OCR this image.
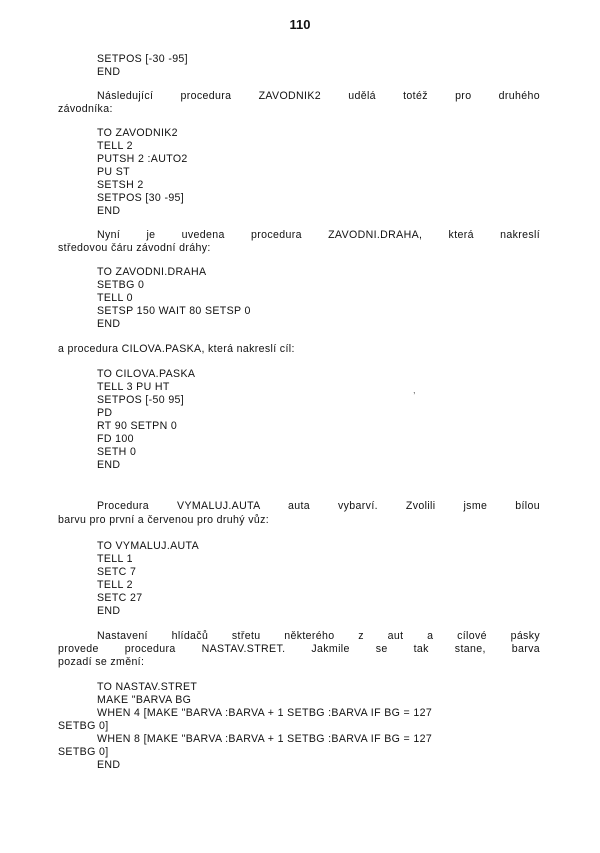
110
SETPOS [-30 -95]
END
Následující procedura ZAVODNIK2 udělá totéž pro druhého
závodníka:
TO ZAVODNIK2
TELL 2
PUTSH 2 :AUTO2
PU ST
SETSH 2
SETPOS [30 -95]
END
Nyní je uvedena procedura ZAVODNI.DRAHA, která nakreslí
středovou čáru závodní dráhy:
TO ZAVODNI.DRAHA
SETBG 0
TELL 0
SETSP 150 WAIT 80 SETSP 0
END
a procedura CILOVA.PASKA, která nakreslí cíl:
TO CILOVA.PASKA
TELL 3 PU HT	,
SETPOS [-50 95]
PD
RT 90 SETPN 0
FD 100
SETH 0
END
Procedura VYMALUJ.AUTA auta vybarví. Zvolili jsme bílou
barvu pro první a červenou pro druhý vůz:
TO VYMALUJ.AUTA
TELL 1
SETC 7
TELL 2
SETC 27
END
Nastavení hlídačů střetu některého z aut a cílové pásky
provede procedura NASTAV.STRET. Jakmile se tak stane, barva
pozadí se změní:
TO NASTAV.STRET
MAKE "BARVA BG
WHEN 4 [MAKE "BARVA :BARVA + 1 SETBG :BARVA IF BG = 127
SETBG 0]
WHEN 8 [MAKE "BARVA :BARVA + 1 SETBG :BARVA IF BG = 127
SETBG 0]
END
